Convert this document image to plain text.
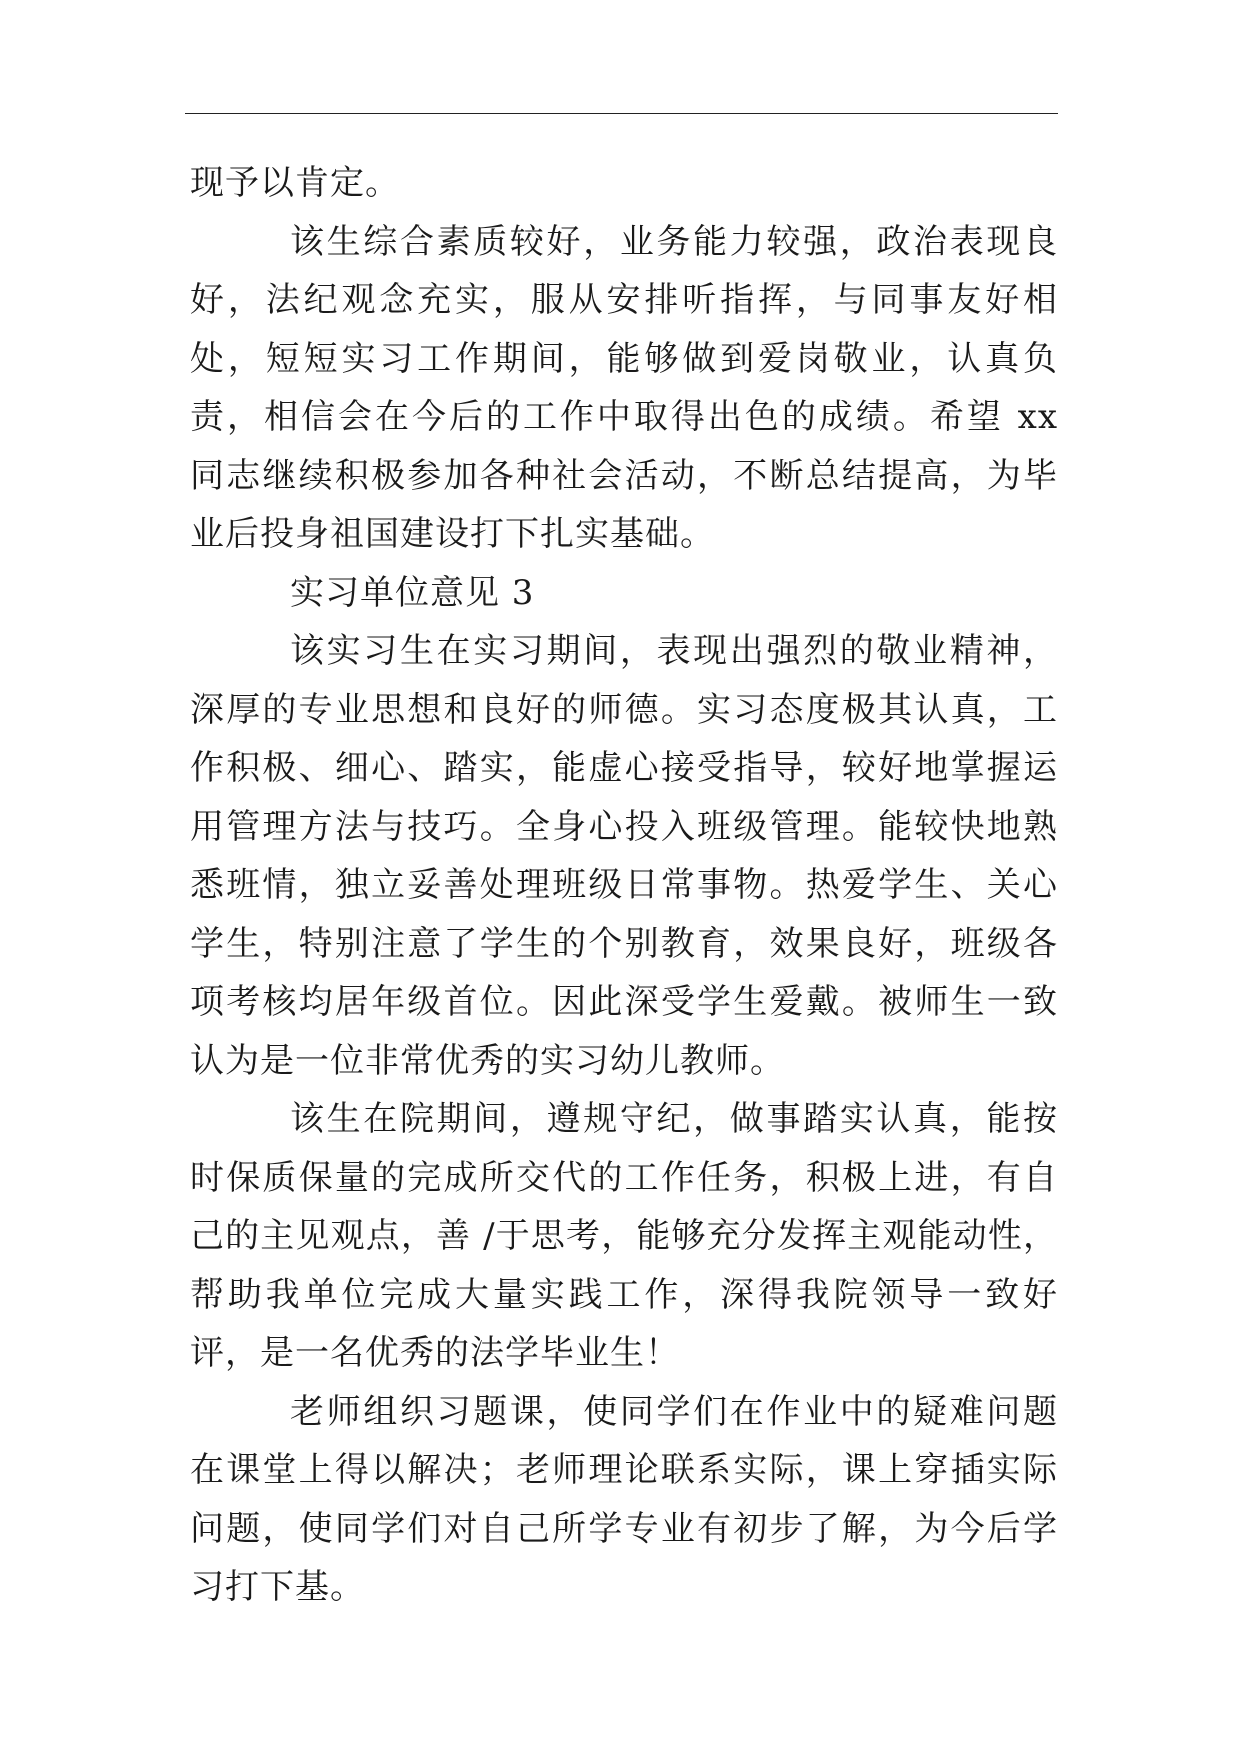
现予以肯定。

该生综合素质较好，业务能力较强，政治表现良好，法纪观念充实，服从安排听指挥，与同事友好相处，短短实习工作期间，能够做到爱岗敬业，认真负责，相信会在今后的工作中取得出色的成绩。希望 xx 同志继续积极参加各种社会活动，不断总结提高，为毕业后投身祖国建设打下扎实基础。

实习单位意见 3

该实习生在实习期间，表现出强烈的敬业精神，深厚的专业思想和良好的师德。实习态度极其认真，工作积极、细心、踏实，能虚心接受指导，较好地掌握运用管理方法与技巧。全身心投入班级管理。能较快地熟悉班情，独立妥善处理班级日常事物。热爱学生、关心学生，特别注意了学生的个别教育，效果良好，班级各项考核均居年级首位。因此深受学生爱戴。被师生一致认为是一位非常优秀的实习幼儿教师。

该生在院期间，遵规守纪，做事踏实认真，能按时保质保量的完成所交代的工作任务，积极上进，有自己的主见观点，善 /于思考，能够充分发挥主观能动性，帮助我单位完成大量实践工作，深得我院领导一致好评，是一名优秀的法学毕业生！

老师组织习题课，使同学们在作业中的疑难问题在课堂上得以解决；老师理论联系实际，课上穿插实际问题，使同学们对自己所学专业有初步了解，为今后学习打下基。
